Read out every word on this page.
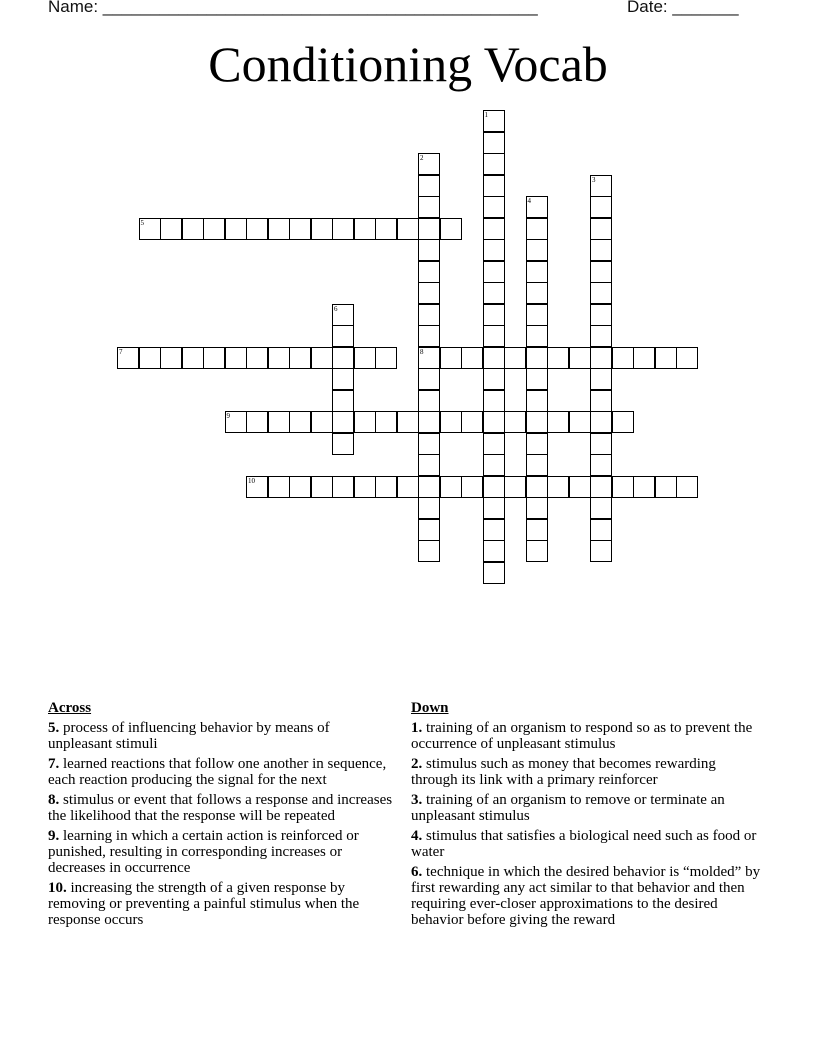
Name: ______________________________________________	Date: _______
Conditioning Vocab
1
2
8
3
4
5
6
7
9
10
Across
5. process of influencing behavior by means of unpleasant stimuli
7. learned reactions that follow one another in sequence, each reaction producing the signal for the next
8. stimulus or event that follows a response and increases the likelihood that the response will be repeated
9. learning in which a certain action is reinforced or punished, resulting in corresponding increases or decreases in occurrence
10. increasing the strength of a given response by removing or preventing a painful stimulus when the response occurs
Down
1. training of an organism to respond so as to prevent the occurrence of unpleasant stimulus
2. stimulus such as money that becomes rewarding through its link with a primary reinforcer
3. training of an organism to remove or terminate an unpleasant stimulus
4. stimulus that satisfies a biological need such as food or water
6. technique in which the desired behavior is “molded” by first rewarding any act similar to that behavior and then requiring ever-closer approximations to the desired behavior before giving the reward
